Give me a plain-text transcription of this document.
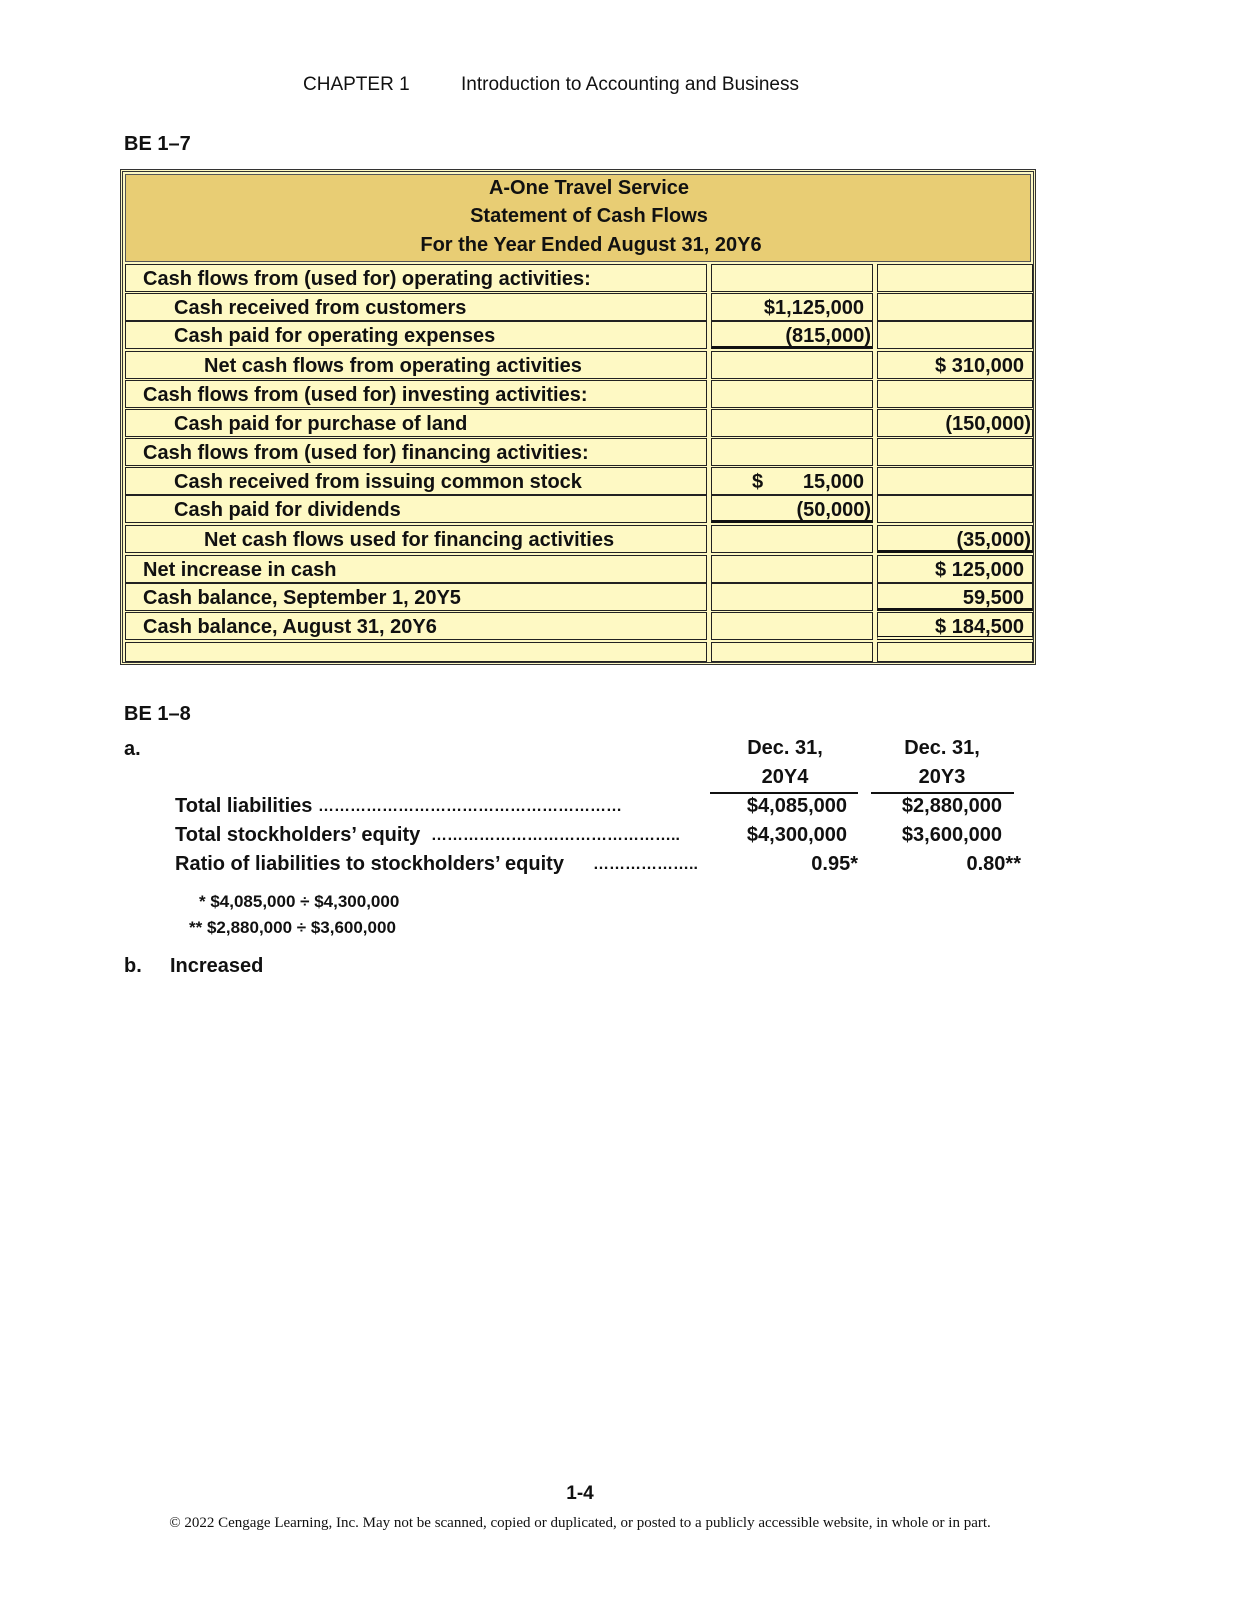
CHAPTER 1	Introduction to Accounting and Business
BE 1–7
A-One Travel Service
Statement of Cash Flows
For the Year Ended August 31, 20Y6
Cash flows from (used for) operating activities:
Cash received from customers	$1,125,000
Cash paid for operating expenses	(815,000)
Net cash flows from operating activities	$ 310,000
Cash flows from (used for) investing activities:
Cash paid for purchase of land	(150,000)
Cash flows from (used for) financing activities:
Cash received from issuing common stock	$ 15,000
Cash paid for dividends	(50,000)
Net cash flows used for financing activities	(35,000)
Net increase in cash	$ 125,000
Cash balance, September 1, 20Y5	59,500
Cash balance, August 31, 20Y6	$ 184,500
BE 1–8
a.	Dec. 31,
20Y4
Dec. 31,
20Y3
Total liabilities …………………………………………………	$4,085,000	$2,880,000
Total stockholders’ equity ………………………………………..	$4,300,000	$3,600,000
Ratio of liabilities to stockholders’ equity ………………..	0.95*	0.80**
* $4,085,000 ÷ $4,300,000
** $2,880,000 ÷ $3,600,000
b. Increased
1-4
© 2022 Cengage Learning, Inc. May not be scanned, copied or duplicated, or posted to a publicly accessible website, in whole or in part.
